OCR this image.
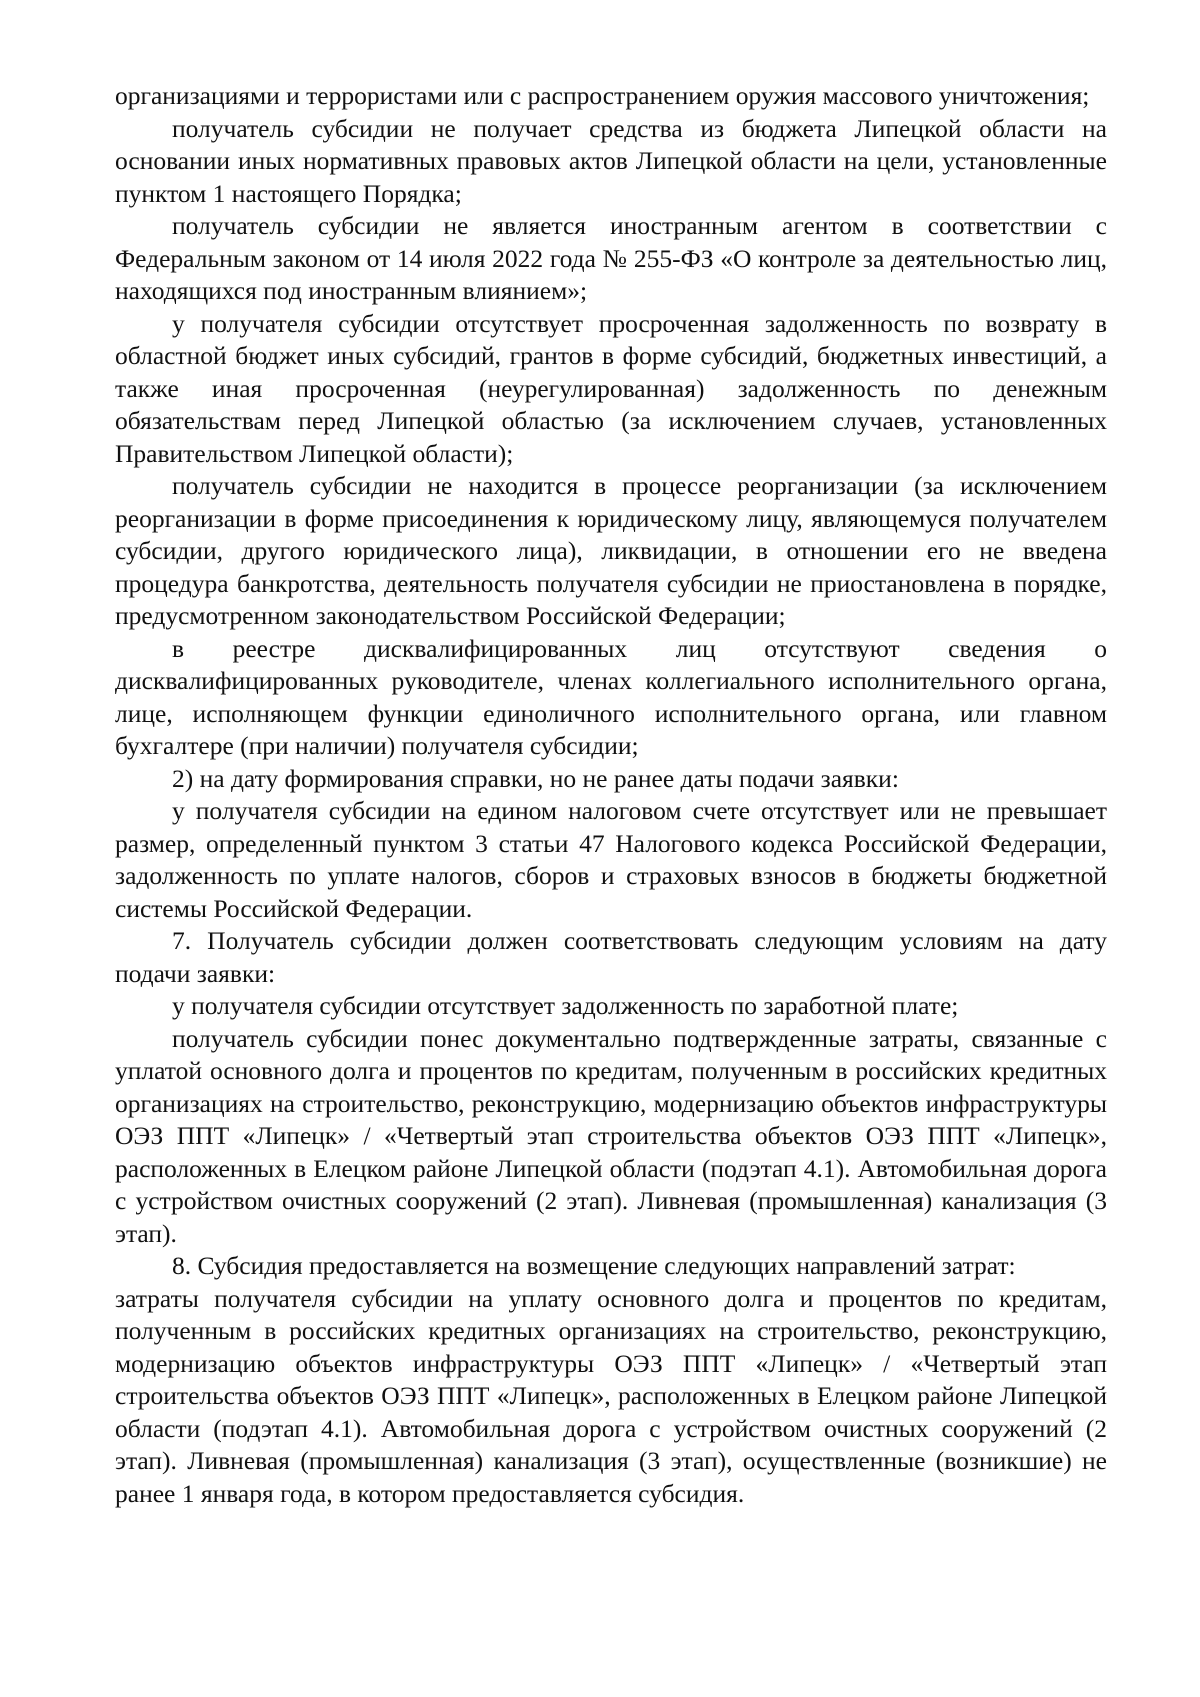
организациями и террористами или с распространением оружия массового уничтожения;

получатель субсидии не получает средства из бюджета Липецкой области на основании иных нормативных правовых актов Липецкой области на цели, установленные пунктом 1 настоящего Порядка;

получатель субсидии не является иностранным агентом в соответствии с Федеральным законом от 14 июля 2022 года № 255-ФЗ «О контроле за деятельностью лиц, находящихся под иностранным влиянием»;

у получателя субсидии отсутствует просроченная задолженность по возврату в областной бюджет иных субсидий, грантов в форме субсидий, бюджетных инвестиций, а также иная просроченная (неурегулированная) задолженность по денежным обязательствам перед Липецкой областью (за исключением случаев, установленных Правительством Липецкой области);

получатель субсидии не находится в процессе реорганизации (за исключением реорганизации в форме присоединения к юридическому лицу, являющемуся получателем субсидии, другого юридического лица), ликвидации, в отношении его не введена процедура банкротства, деятельность получателя субсидии не приостановлена в порядке, предусмотренном законодательством Российской Федерации;

в реестре дисквалифицированных лиц отсутствуют сведения о дисквалифицированных руководителе, членах коллегиального исполнительного органа, лице, исполняющем функции единоличного исполнительного органа, или главном бухгалтере (при наличии) получателя субсидии;

2) на дату формирования справки, но не ранее даты подачи заявки:

у получателя субсидии на едином налоговом счете отсутствует или не превышает размер, определенный пунктом 3 статьи 47 Налогового кодекса Российской Федерации, задолженность по уплате налогов, сборов и страховых взносов в бюджеты бюджетной системы Российской Федерации.

7. Получатель субсидии должен соответствовать следующим условиям на дату подачи заявки:

у получателя субсидии отсутствует задолженность по заработной плате;

получатель субсидии понес документально подтвержденные затраты, связанные с уплатой основного долга и процентов по кредитам, полученным в российских кредитных организациях на строительство, реконструкцию, модернизацию объектов инфраструктуры ОЭЗ ППТ «Липецк» / «Четвертый этап строительства объектов ОЭЗ ППТ «Липецк», расположенных в Елецком районе Липецкой области (подэтап 4.1). Автомобильная дорога с устройством очистных сооружений (2 этап). Ливневая (промышленная) канализация (3 этап).

8. Субсидия предоставляется на возмещение следующих направлений затрат:

затраты получателя субсидии на уплату основного долга и процентов по кредитам, полученным в российских кредитных организациях на строительство, реконструкцию, модернизацию объектов инфраструктуры ОЭЗ ППТ «Липецк» / «Четвертый этап строительства объектов ОЭЗ ППТ «Липецк», расположенных в Елецком районе Липецкой области (подэтап 4.1). Автомобильная дорога с устройством очистных сооружений (2 этап). Ливневая (промышленная) канализация (3 этап), осуществленные (возникшие) не ранее 1 января года, в котором предоставляется субсидия.
